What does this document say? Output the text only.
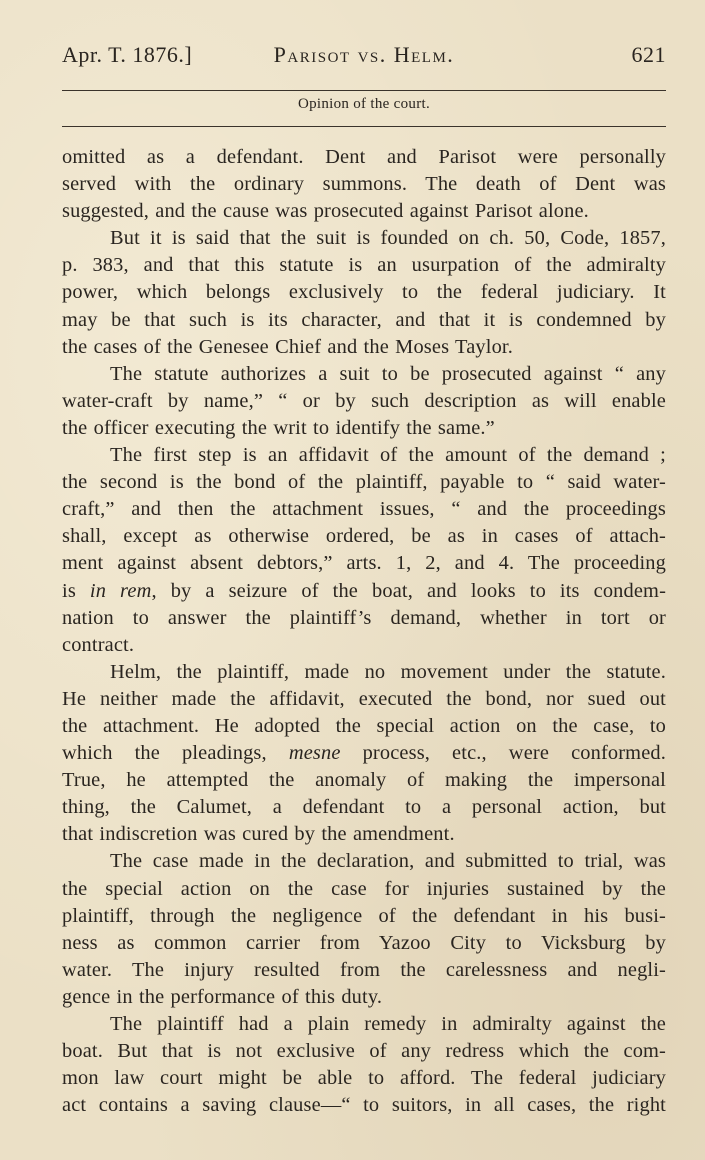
Apr. T. 1876.]	Parisot vs. Helm.	621
Opinion of the court.
omitted as a defendant. Dent and Parisot were personally
served with the ordinary summons. The death of Dent was
suggested, and the cause was prosecuted against Parisot alone.
But it is said that the suit is founded on ch. 50, Code, 1857,
p. 383, and that this statute is an usurpation of the admiralty
power, which belongs exclusively to the federal judiciary. It
may be that such is its character, and that it is condemned by
the cases of the Genesee Chief and the Moses Taylor.
The statute authorizes a suit to be prosecuted against “ any
water-craft by name,” “ or by such description as will enable
the officer executing the writ to identify the same.”
The first step is an affidavit of the amount of the demand ;
the second is the bond of the plaintiff, payable to “ said water-
craft,” and then the attachment issues, “ and the proceedings
shall, except as otherwise ordered, be as in cases of attach-
ment against absent debtors,” arts. 1, 2, and 4. The proceeding
is in rem, by a seizure of the boat, and looks to its condem-
nation to answer the plaintiff’s demand, whether in tort or
contract.
Helm, the plaintiff, made no movement under the statute.
He neither made the affidavit, executed the bond, nor sued out
the attachment. He adopted the special action on the case, to
which the pleadings, mesne process, etc., were conformed.
True, he attempted the anomaly of making the impersonal
thing, the Calumet, a defendant to a personal action, but
that indiscretion was cured by the amendment.
The case made in the declaration, and submitted to trial, was
the special action on the case for injuries sustained by the
plaintiff, through the negligence of the defendant in his busi-
ness as common carrier from Yazoo City to Vicksburg by
water. The injury resulted from the carelessness and negli-
gence in the performance of this duty.
The plaintiff had a plain remedy in admiralty against the
boat. But that is not exclusive of any redress which the com-
mon law court might be able to afford. The federal judiciary
act contains a saving clause—“ to suitors, in all cases, the right
